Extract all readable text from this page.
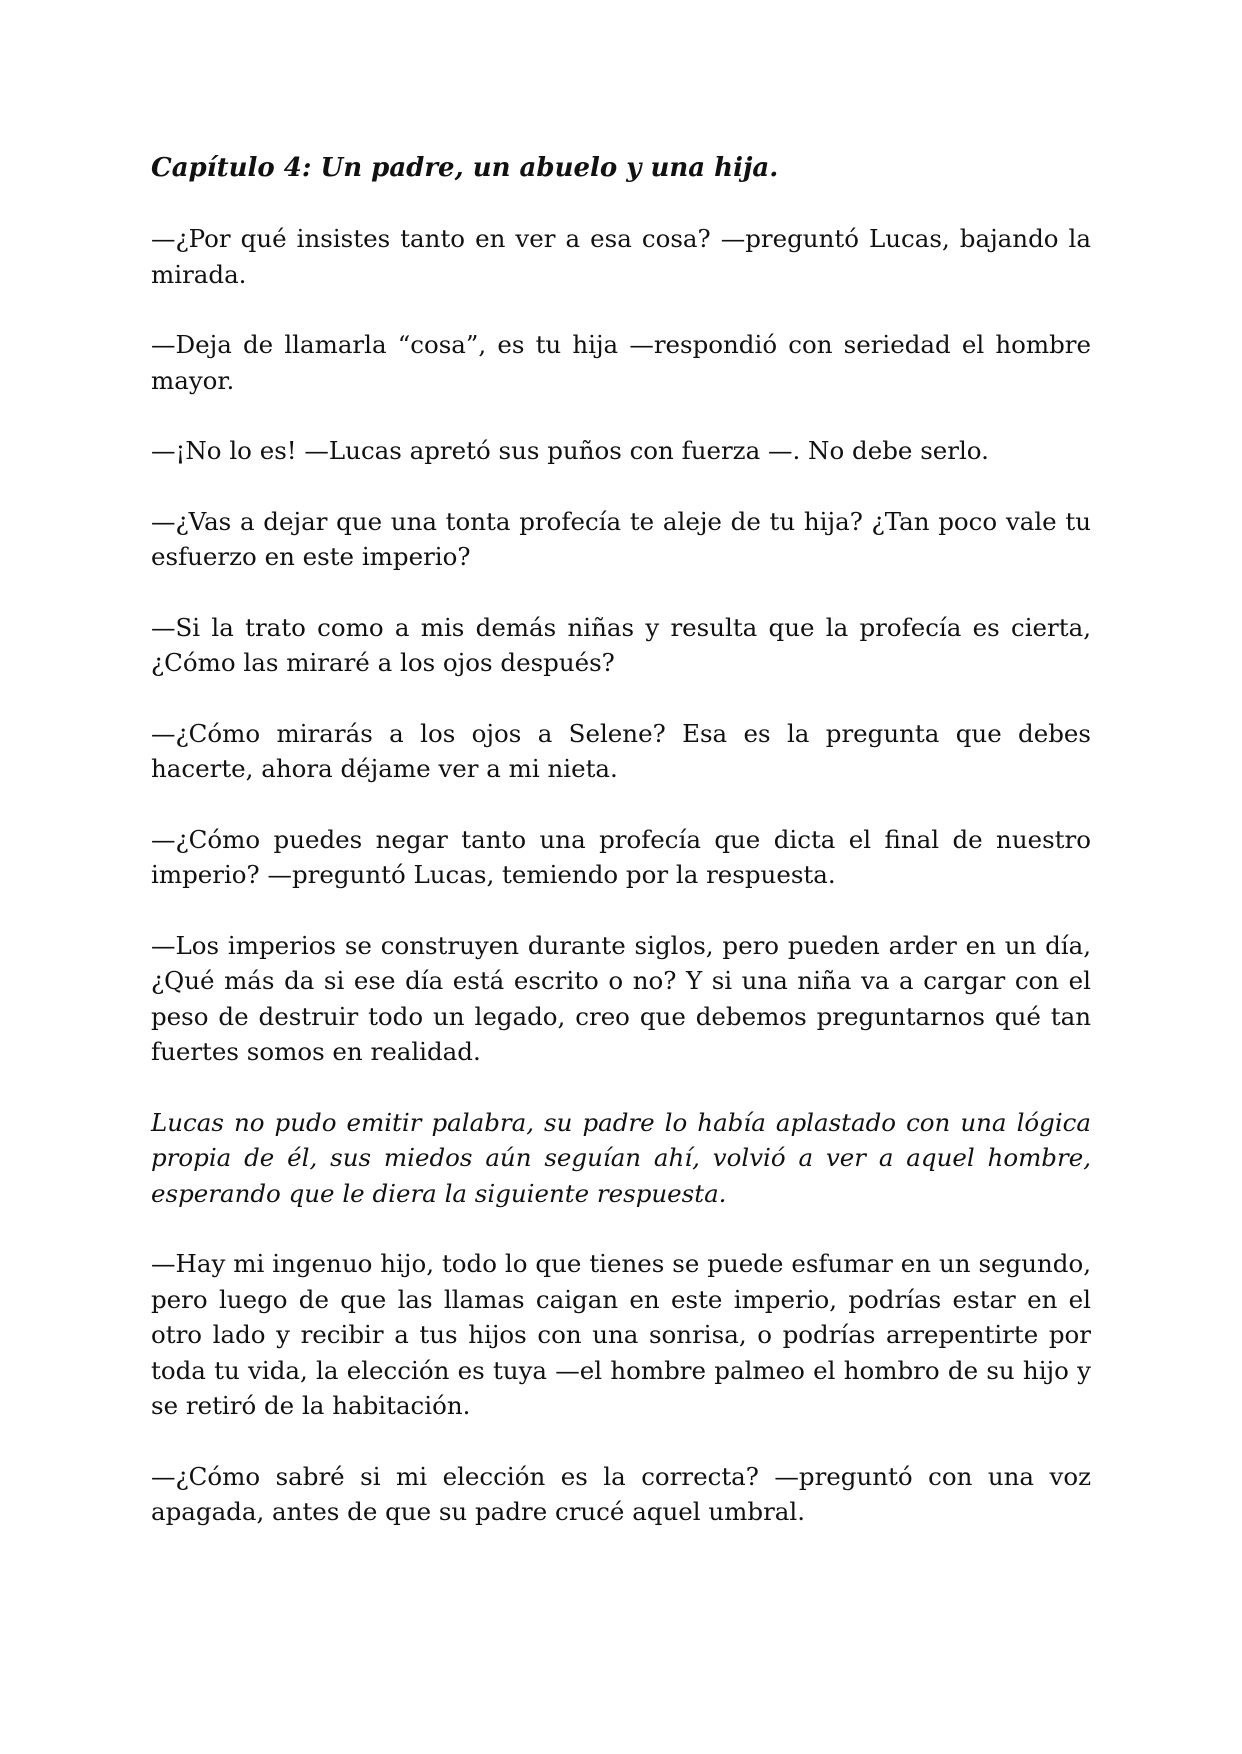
Capítulo 4: Un padre, un abuelo y una hija.

—¿Por qué insistes tanto en ver a esa cosa? —preguntó Lucas, bajando la mirada.

—Deja de llamarla “cosa”, es tu hija —respondió con seriedad el hombre mayor.

—¡No lo es! —Lucas apretó sus puños con fuerza —. No debe serlo.

—¿Vas a dejar que una tonta profecía te aleje de tu hija? ¿Tan poco vale tu esfuerzo en este imperio?

—Si la trato como a mis demás niñas y resulta que la profecía es cierta, ¿Cómo las miraré a los ojos después?

—¿Cómo mirarás a los ojos a Selene? Esa es la pregunta que debes hacerte, ahora déjame ver a mi nieta.

—¿Cómo puedes negar tanto una profecía que dicta el final de nuestro imperio? —preguntó Lucas, temiendo por la respuesta.

—Los imperios se construyen durante siglos, pero pueden arder en un día, ¿Qué más da si ese día está escrito o no? Y si una niña va a cargar con el peso de destruir todo un legado, creo que debemos preguntarnos qué tan fuertes somos en realidad.

Lucas no pudo emitir palabra, su padre lo había aplastado con una lógica propia de él, sus miedos aún seguían ahí, volvió a ver a aquel hombre, esperando que le diera la siguiente respuesta.

—Hay mi ingenuo hijo, todo lo que tienes se puede esfumar en un segundo, pero luego de que las llamas caigan en este imperio, podrías estar en el otro lado y recibir a tus hijos con una sonrisa, o podrías arrepentirte por toda tu vida, la elección es tuya —el hombre palmeo el hombro de su hijo y se retiró de la habitación.

—¿Cómo sabré si mi elección es la correcta? —preguntó con una voz apagada, antes de que su padre crucé aquel umbral.
